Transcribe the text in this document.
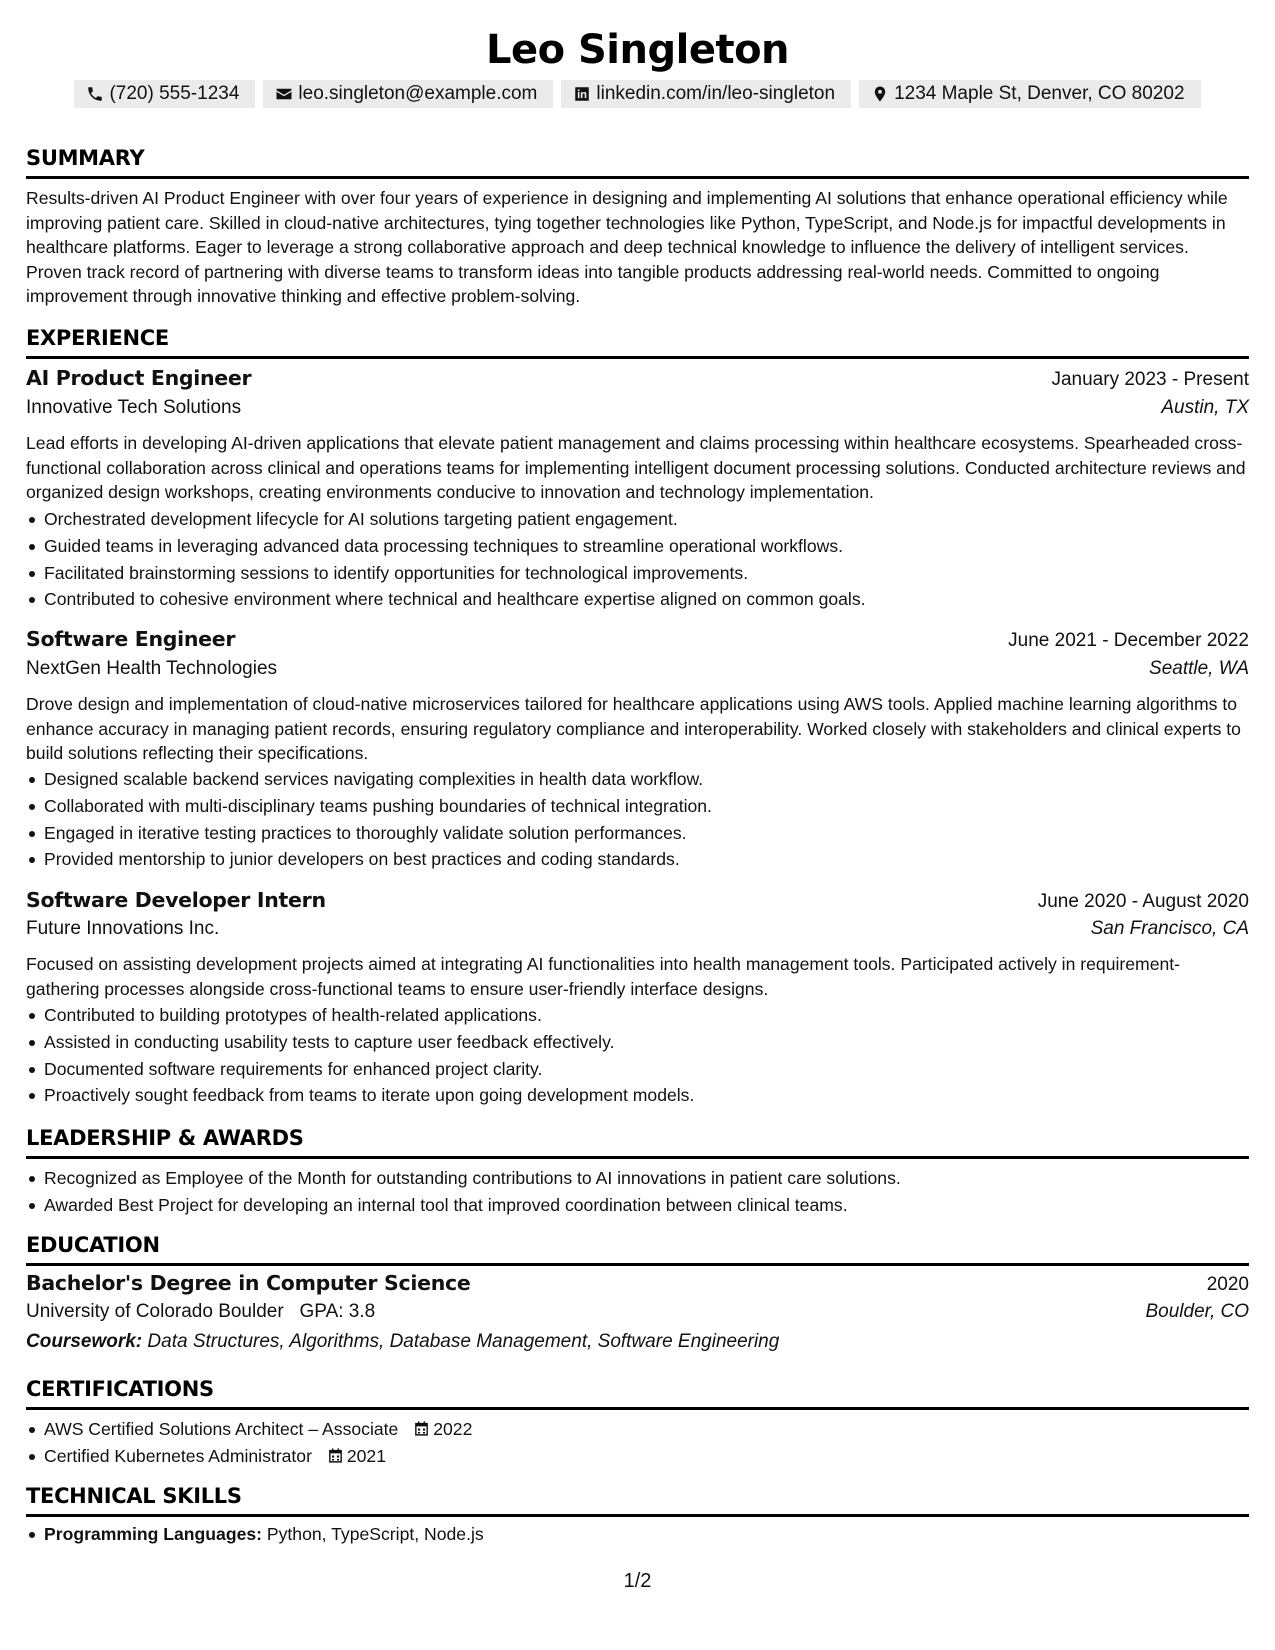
Leo Singleton
(720) 555-1234	leo.singleton@example.com	linkedin.com/in/leo-singleton	1234 Maple St, Denver, CO 80202
SUMMARY
Results-driven AI Product Engineer with over four years of experience in designing and implementing AI solutions that enhance operational efficiency while improving patient care. Skilled in cloud-native architectures, tying together technologies like Python, TypeScript, and Node.js for impactful developments in healthcare platforms. Eager to leverage a strong collaborative approach and deep technical knowledge to influence the delivery of intelligent services. Proven track record of partnering with diverse teams to transform ideas into tangible products addressing real-world needs. Committed to ongoing improvement through innovative thinking and effective problem-solving.
EXPERIENCE
AI Product Engineer	January 2023 - Present
Innovative Tech Solutions	Austin, TX
Lead efforts in developing AI-driven applications that elevate patient management and claims processing within healthcare ecosystems. Spearheaded cross-functional collaboration across clinical and operations teams for implementing intelligent document processing solutions. Conducted architecture reviews and organized design workshops, creating environments conducive to innovation and technology implementation.
Orchestrated development lifecycle for AI solutions targeting patient engagement.
Guided teams in leveraging advanced data processing techniques to streamline operational workflows.
Facilitated brainstorming sessions to identify opportunities for technological improvements.
Contributed to cohesive environment where technical and healthcare expertise aligned on common goals.
Software Engineer	June 2021 - December 2022
NextGen Health Technologies	Seattle, WA
Drove design and implementation of cloud-native microservices tailored for healthcare applications using AWS tools. Applied machine learning algorithms to enhance accuracy in managing patient records, ensuring regulatory compliance and interoperability. Worked closely with stakeholders and clinical experts to build solutions reflecting their specifications.
Designed scalable backend services navigating complexities in health data workflow.
Collaborated with multi-disciplinary teams pushing boundaries of technical integration.
Engaged in iterative testing practices to thoroughly validate solution performances.
Provided mentorship to junior developers on best practices and coding standards.
Software Developer Intern	June 2020 - August 2020
Future Innovations Inc.	San Francisco, CA
Focused on assisting development projects aimed at integrating AI functionalities into health management tools. Participated actively in requirement-gathering processes alongside cross-functional teams to ensure user-friendly interface designs.
Contributed to building prototypes of health-related applications.
Assisted in conducting usability tests to capture user feedback effectively.
Documented software requirements for enhanced project clarity.
Proactively sought feedback from teams to iterate upon going development models.
LEADERSHIP & AWARDS
Recognized as Employee of the Month for outstanding contributions to AI innovations in patient care solutions.
Awarded Best Project for developing an internal tool that improved coordination between clinical teams.
EDUCATION
Bachelor's Degree in Computer Science	2020
University of Colorado Boulder GPA: 3.8	Boulder, CO
Coursework: Data Structures, Algorithms, Database Management, Software Engineering
CERTIFICATIONS
AWS Certified Solutions Architect – Associate 2022
Certified Kubernetes Administrator 2021
TECHNICAL SKILLS
Programming Languages: Python, TypeScript, Node.js
1/2
